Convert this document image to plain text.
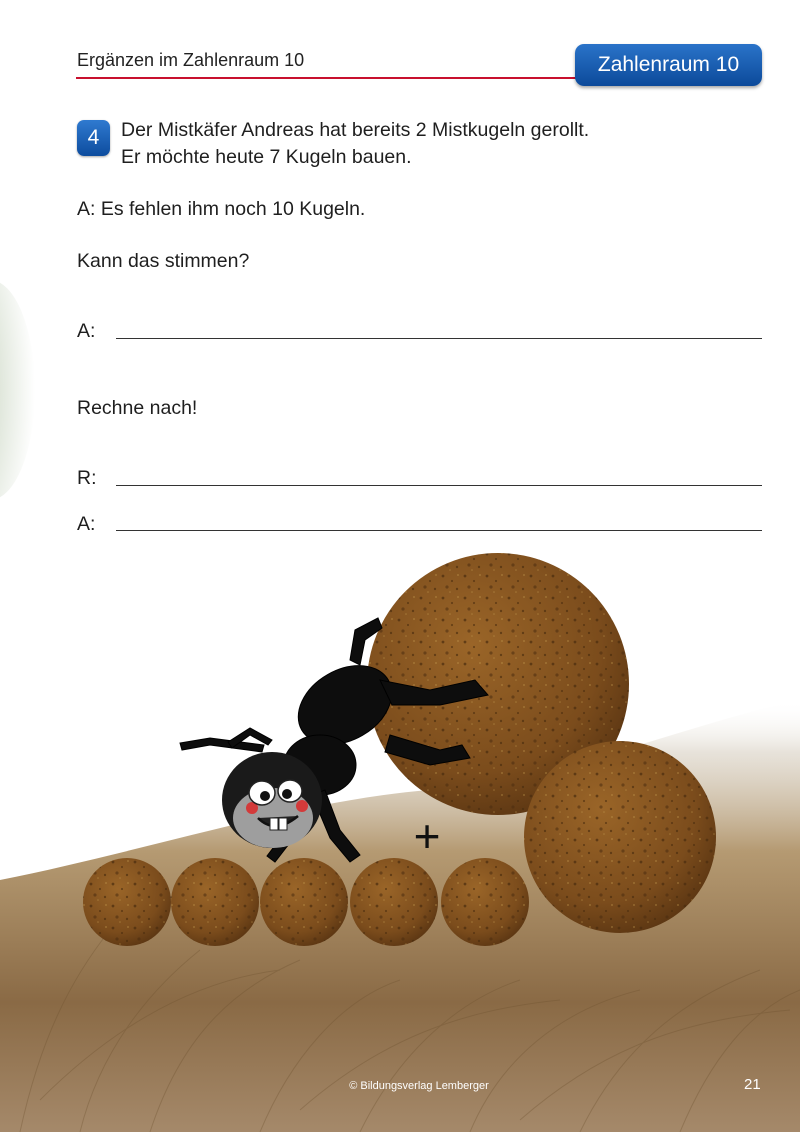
+
Ergänzen im Zahlenraum 10	Zahlenraum 10
4	Der Mistkäfer Andreas hat bereits 2 Mistkugeln gerollt.
Er möchte heute 7 Kugeln bauen.
A: Es fehlen ihm noch 10 Kugeln.
Kann das stimmen?
A:
Rechne nach!
R:
A:
© Bildungsverlag Lemberger	21
